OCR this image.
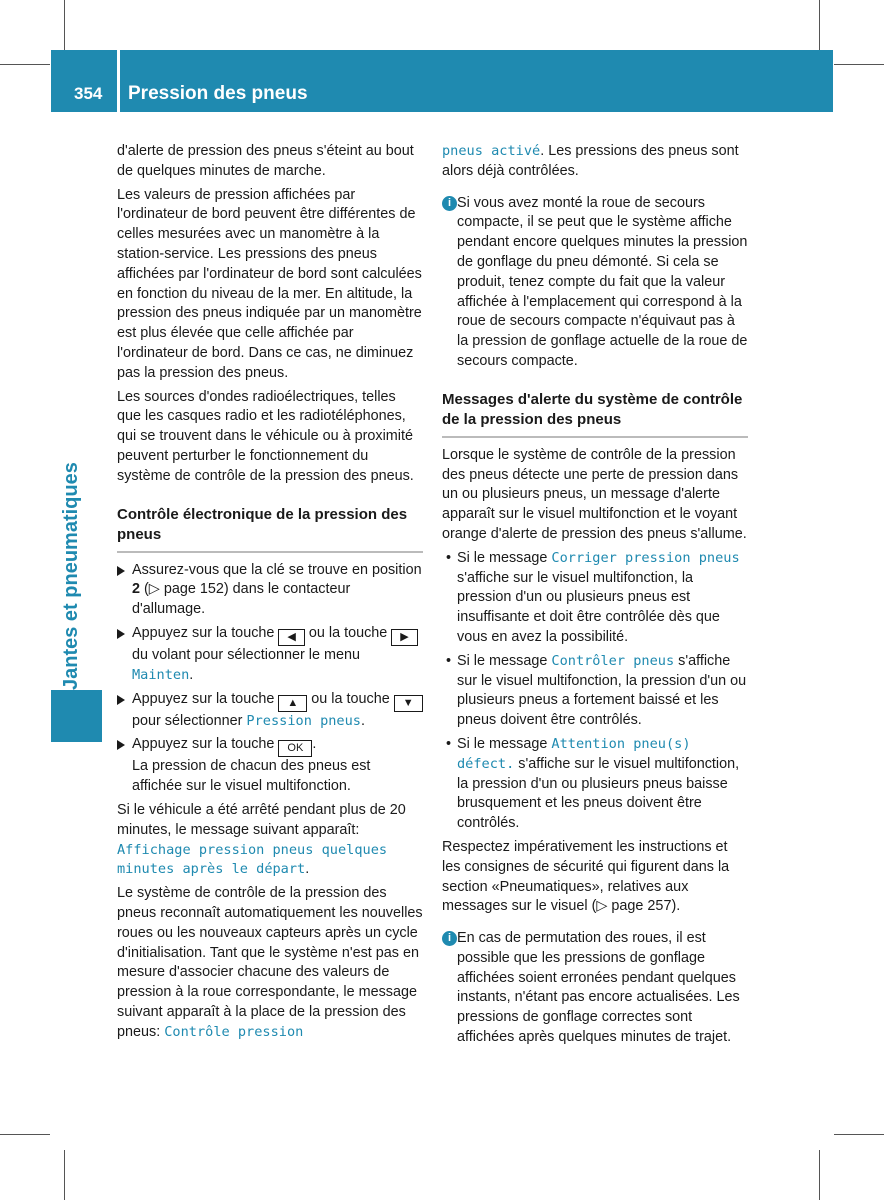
354 Pression des pneus
Jantes et pneumatiques

d'alerte de pression des pneus s'éteint au bout de quelques minutes de marche.

Les valeurs de pression affichées par l'ordinateur de bord peuvent être différentes de celles mesurées avec un manomètre à la station-service. Les pressions des pneus affichées par l'ordinateur de bord sont calculées en fonction du niveau de la mer. En altitude, la pression des pneus indiquée par un manomètre est plus élevée que celle affichée par l'ordinateur de bord. Dans ce cas, ne diminuez pas la pression des pneus.

Les sources d'ondes radioélectriques, telles que les casques radio et les radiotéléphones, qui se trouvent dans le véhicule ou à proximité peuvent perturber le fonctionnement du système de contrôle de la pression des pneus.

Contrôle électronique de la pression des pneus
Assurez-vous que la clé se trouve en position 2 (▷ page 152) dans le contacteur d'allumage.
Appuyez sur la touche ◀ ou la touche ▶ du volant pour sélectionner le menu Mainten.
Appuyez sur la touche ▲ ou la touche ▼ pour sélectionner Pression pneus.
Appuyez sur la touche OK .
La pression de chacun des pneus est affichée sur le visuel multifonction.

Si le véhicule a été arrêté pendant plus de 20 minutes, le message suivant apparaît: Affichage pression pneus quelques minutes après le départ.

Le système de contrôle de la pression des pneus reconnaît automatiquement les nouvelles roues ou les nouveaux capteurs après un cycle d'initialisation. Tant que le système n'est pas en mesure d'associer chacune des valeurs de pression à la roue correspondante, le message suivant apparaît à la place de la pression des pneus: Contrôle pression

pneus activé. Les pressions des pneus sont alors déjà contrôlées.

i Si vous avez monté la roue de secours compacte, il se peut que le système affiche pendant encore quelques minutes la pression de gonflage du pneu démonté. Si cela se produit, tenez compte du fait que la valeur affichée à l'emplacement qui correspond à la roue de secours compacte n'équivaut pas à la pression de gonflage actuelle de la roue de secours compacte.
Messages d'alerte du système de contrôle de la pression des pneus

Lorsque le système de contrôle de la pression des pneus détecte une perte de pression dans un ou plusieurs pneus, un message d'alerte apparaît sur le visuel multifonction et le voyant orange d'alerte de pression des pneus s'allume.

• Si le message Corriger pression pneus s'affiche sur le visuel multifonction, la pression d'un ou plusieurs pneus est insuffisante et doit être contrôlée dès que vous en avez la possibilité.
• Si le message Contrôler pneus s'affiche sur le visuel multifonction, la pression d'un ou plusieurs pneus a fortement baissé et les pneus doivent être contrôlés.
• Si le message Attention pneu(s) défect. s'affiche sur le visuel multifonction, la pression d'un ou plusieurs pneus baisse brusquement et les pneus doivent être contrôlés.

Respectez impérativement les instructions et les consignes de sécurité qui figurent dans la section «Pneumatiques», relatives aux messages sur le visuel (▷ page 257).

i En cas de permutation des roues, il est possible que les pressions de gonflage affichées soient erronées pendant quelques instants, n'étant pas encore actualisées. Les pressions de gonflage correctes sont affichées après quelques minutes de trajet.
